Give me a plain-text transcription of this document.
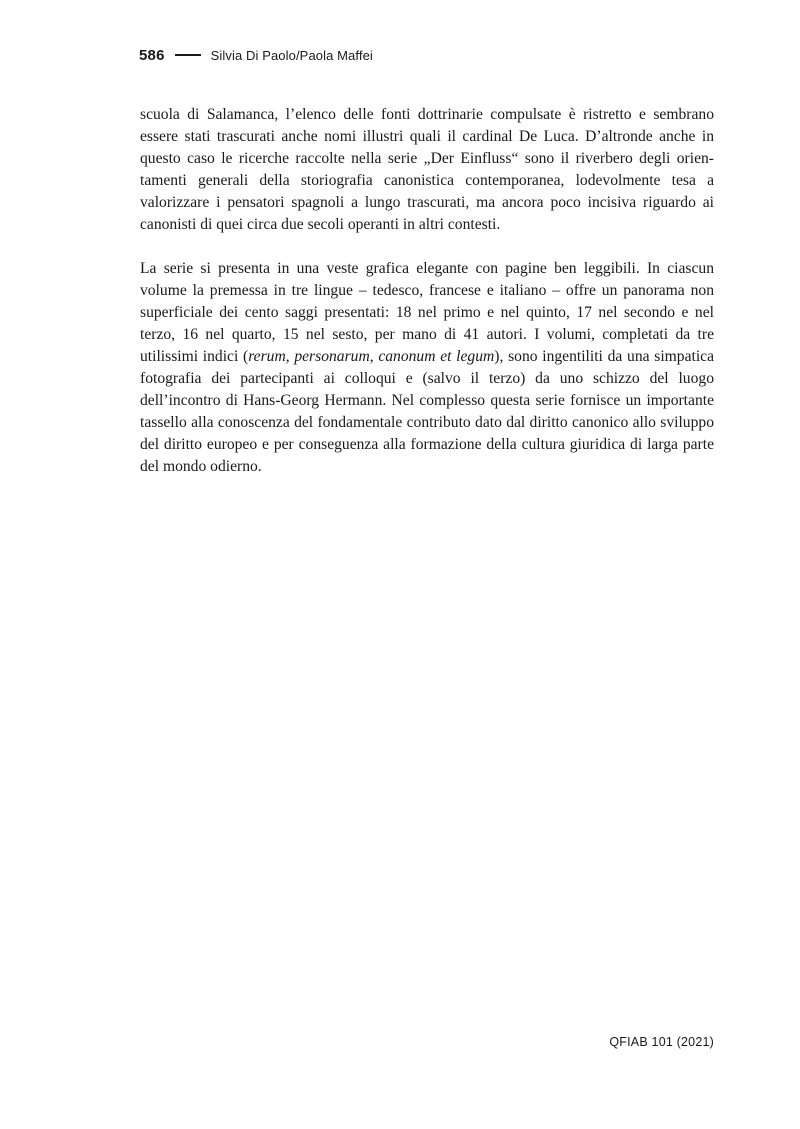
586	Silvia Di Paolo/Paola Maffei

scuola di Salamanca, l’elenco delle fonti dottrinarie compulsate è ristretto e sembrano essere stati trascurati anche nomi illustri quali il cardinal De Luca. D’altronde anche in questo caso le ricerche raccolte nella serie „Der Einfluss“ sono il riverbero degli orientamenti generali della storiografia canonistica contemporanea, lodevolmente tesa a valorizzare i pensatori spagnoli a lungo trascurati, ma ancora poco incisiva riguardo ai canonisti di quei circa due secoli operanti in altri contesti.

La serie si presenta in una veste grafica elegante con pagine ben leggibili. In ciascun volume la premessa in tre lingue – tedesco, francese e italiano – offre un panorama non superficiale dei cento saggi presentati: 18 nel primo e nel quinto, 17 nel secondo e nel terzo, 16 nel quarto, 15 nel sesto, per mano di 41 autori. I volumi, completati da tre utilissimi indici (rerum, personarum, canonum et legum), sono ingentiliti da una simpatica fotografia dei partecipanti ai colloqui e (salvo il terzo) da uno schizzo del luogo dell’incontro di Hans-Georg Hermann. Nel complesso questa serie fornisce un importante tassello alla conoscenza del fondamentale contributo dato dal diritto canonico allo sviluppo del diritto europeo e per conseguenza alla formazione della cultura giuridica di larga parte del mondo odierno.

QFIAB 101 (2021)
